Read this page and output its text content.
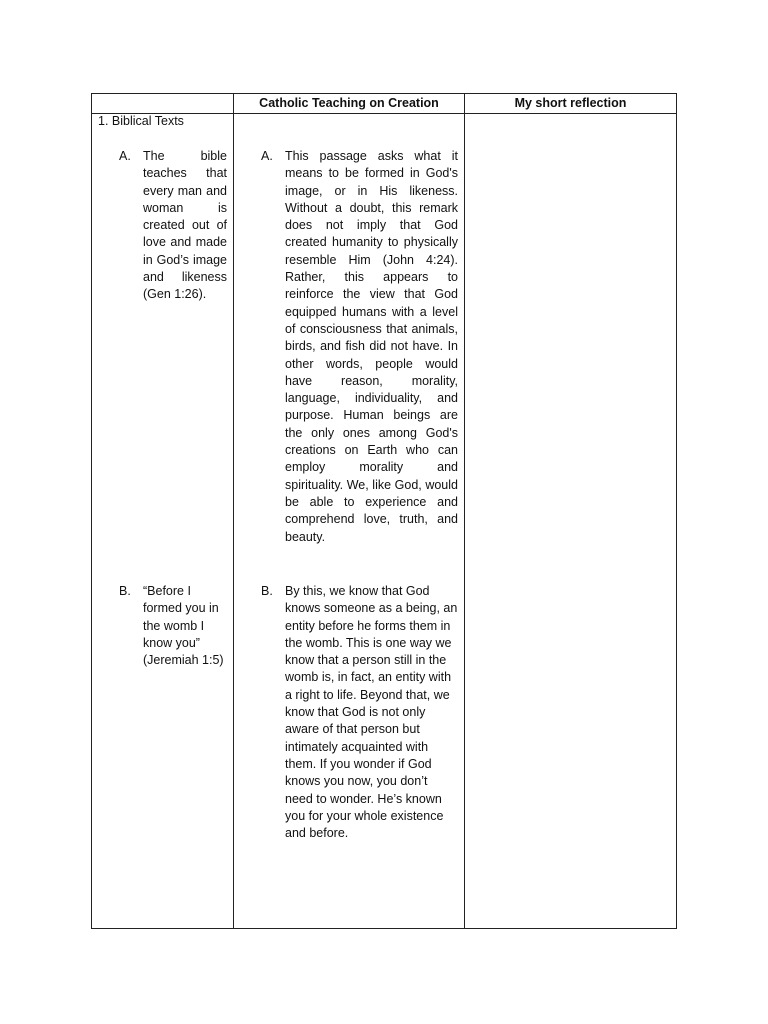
Catholic Teaching on Creation	My short reflection
1. Biblical Texts
A. The bible teaches that every man and woman is created out of love and made in God’s image and likeness (Gen 1:26).
A. This passage asks what it means to be formed in God's image, or in His likeness. Without a doubt, this remark does not imply that God created humanity to physically resemble Him (John 4:24). Rather, this appears to reinforce the view that God equipped humans with a level of consciousness that animals, birds, and fish did not have. In other words, people would have reason, morality, language, individuality, and purpose. Human beings are the only ones among God's creations on Earth who can employ morality and spirituality. We, like God, would be able to experience and comprehend love, truth, and beauty.
B. “Before I formed you in the womb I know you” (Jeremiah 1:5)
B. By this, we know that God knows someone as a being, an entity before he forms them in the womb. This is one way we know that a person still in the womb is, in fact, an entity with a right to life. Beyond that, we know that God is not only aware of that person but intimately acquainted with them. If you wonder if God knows you now, you don’t need to wonder. He’s known you for your whole existence and before.
